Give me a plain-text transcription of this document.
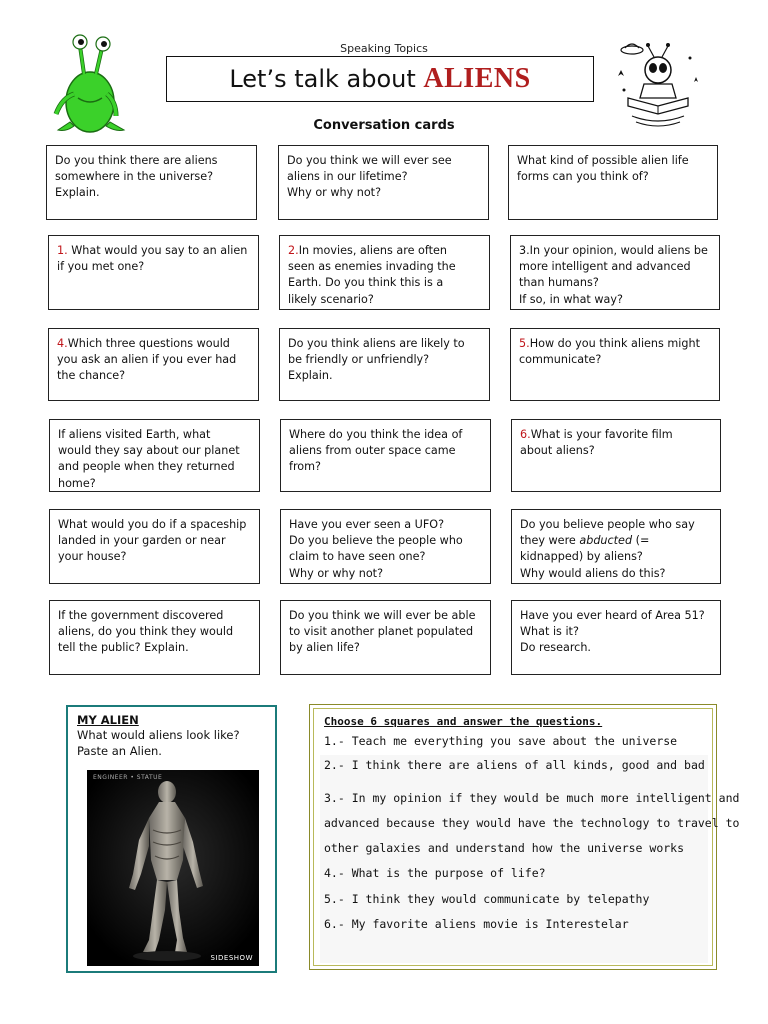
Speaking Topics
Let’s talk about ALIENS
Conversation cards
Do you think there are aliens
somewhere in the universe?
Explain.
Do you think we will ever see
aliens in our lifetime?
Why or why not?
What kind of possible alien life
forms can you think of?
1. What would you say to an alien
if you met one?
2.In movies, aliens are often
seen as enemies invading the
Earth. Do you think this is a
likely scenario?
3.In your opinion, would aliens be
more intelligent and advanced
than humans?
If so, in what way?
4.Which three questions would
you ask an alien if you ever had
the chance?
Do you think aliens are likely to
be friendly or unfriendly?
Explain.
5.How do you think aliens might
communicate?
If aliens visited Earth, what
would they say about our planet
and people when they returned
home?
Where do you think the idea of
aliens from outer space came
from?
6.What is your favorite film
about aliens?
What would you do if a spaceship
landed in your garden or near
your house?
Have you ever seen a UFO?
Do you believe the people who
claim to have seen one?
Why or why not?
Do you believe people who say
they were abducted (=
kidnapped) by aliens?
Why would aliens do this?
If the government discovered
aliens, do you think they would
tell the public? Explain.
Do you think we will ever be able
to visit another planet populated
by alien life?
Have you ever heard of Area 51?
What is it?
Do research.
MY ALIEN
What would aliens look like?
Paste an Alien.
ENGINEER • STATUE
SIDESHOW
Choose 6 squares and answer the questions.
1.- Teach me everything you save about the universe
2.- I think there are aliens of all kinds, good and bad
3.- In my opinion if they would be much more intelligent and
advanced because they would have the technology to travel to
other galaxies and understand how the universe works
4.- What is the purpose of life?
5.- I think they would communicate by telepathy
6.- My favorite aliens movie is Interestelar
